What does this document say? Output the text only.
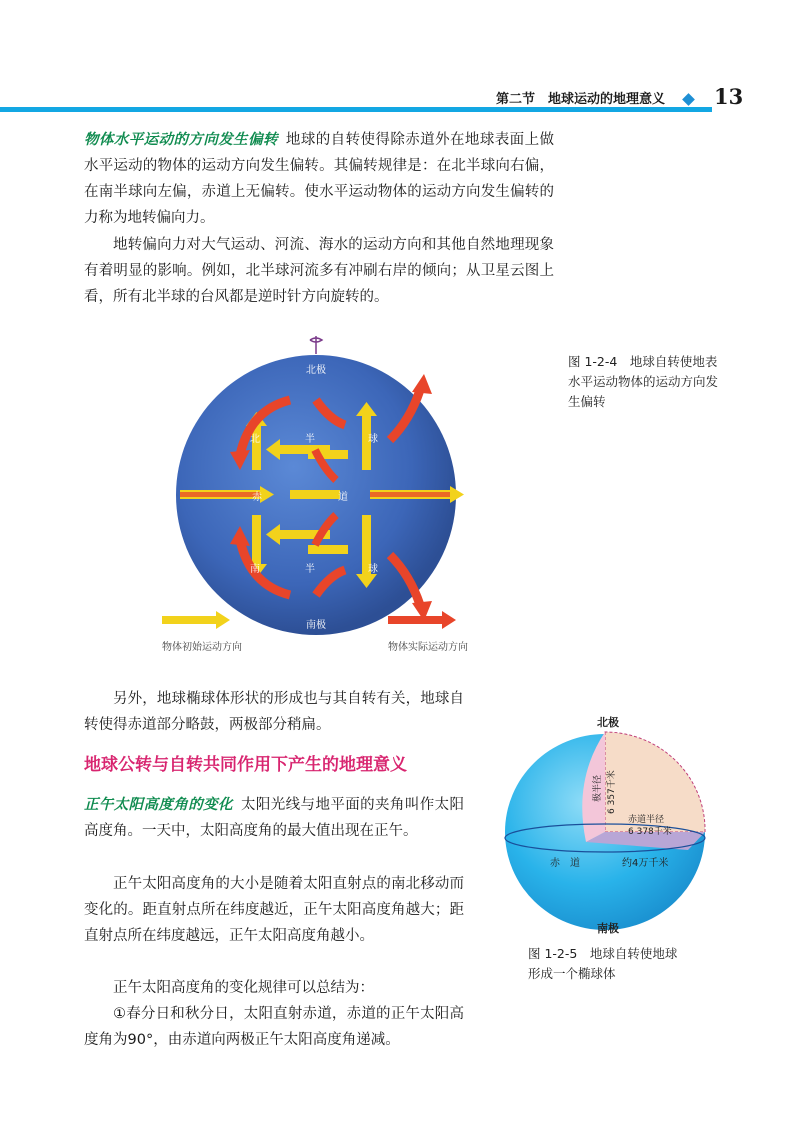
第二节　地球运动的地理意义 13

物体水平运动的方向发生偏转 地球的自转使得除赤道外在地球表面上做水平运动的物体的运动方向发生偏转。其偏转规律是：在北半球向右偏，在南半球向左偏，赤道上无偏转。使水平运动物体的运动方向发生偏转的力称为地转偏向力。

地转偏向力对大气运动、河流、海水的运动方向和其他自然地理现象有着明显的影响。例如，北半球河流多有冲刷右岸的倾向；从卫星云图上看，所有北半球的台风都是逆时针方向旋转的。

北极
南极
北	半	球
赤	道
南	半	球
物体初始运动方向	物体实际运动方向
图 1-2-4　地球自转使地表水平运动物体的运动方向发生偏转

另外，地球椭球体形状的形成也与其自转有关，地球自转使得赤道部分略鼓，两极部分稍扁。

地球公转与自转共同作用下产生的地理意义

正午太阳高度角的变化 太阳光线与地平面的夹角叫作太阳高度角。一天中，太阳高度角的最大值出现在正午。

正午太阳高度角的大小是随着太阳直射点的南北移动而变化的。距直射点所在纬度越近，正午太阳高度角越大；距直射点所在纬度越远，正午太阳高度角越小。

正午太阳高度角的变化规律可以总结为：

①春分日和秋分日，太阳直射赤道，赤道的正午太阳高度角为90°，由赤道向两极正午太阳高度角递减。

北极
南极
极半径 6 357千米
赤道半径
6 378千米
赤　道	约4万千米
图 1-2-5　地球自转使地球形成一个椭球体
